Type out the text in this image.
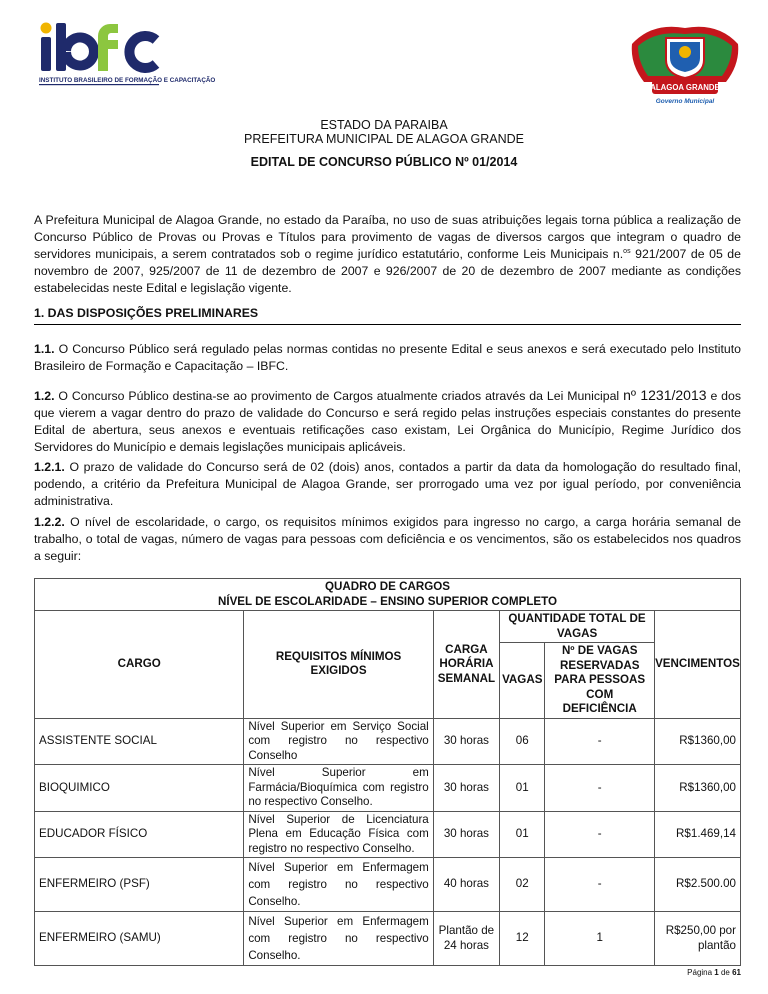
INSTITUTO BRASILEIRO DE FORMAÇÃO E CAPACITAÇÃO
ALAGOA GRANDE
Governo Municipal
ESTADO DA PARAIBA
PREFEITURA MUNICIPAL DE ALAGOA GRANDE
EDITAL DE CONCURSO PÚBLICO Nº 01/2014
A Prefeitura Municipal de Alagoa Grande, no estado da Paraíba, no uso de suas atribuições legais torna pública a realização de Concurso Público de Provas ou Provas e Títulos para provimento de vagas de diversos cargos que integram o quadro de servidores municipais, a serem contratados sob o regime jurídico estatutário, conforme Leis Municipais n.$^{os}$ 921/2007 de 05 de novembro de 2007, 925/2007 de 11 de dezembro de 2007 e 926/2007 de 20 de dezembro de 2007 mediante as condições estabelecidas neste Edital e legislação vigente.
1. DAS DISPOSIÇÕES PRELIMINARES
1.1. O Concurso Público será regulado pelas normas contidas no presente Edital e seus anexos e será executado pelo Instituto Brasileiro de Formação e Capacitação – IBFC.
1.2. O Concurso Público destina-se ao provimento de Cargos atualmente criados através da Lei Municipal nº 1231/2013 e dos que vierem a vagar dentro do prazo de validade do Concurso e será regido pelas instruções especiais constantes do presente Edital de abertura, seus anexos e eventuais retificações caso existam, Lei Orgânica do Município, Regime Jurídico dos Servidores do Município e demais legislações municipais aplicáveis.
1.2.1. O prazo de validade do Concurso será de 02 (dois) anos, contados a partir da data da homologação do resultado final, podendo, a critério da Prefeitura Municipal de Alagoa Grande, ser prorrogado uma vez por igual período, por conveniência administrativa.
1.2.2. O nível de escolaridade, o cargo, os requisitos mínimos exigidos para ingresso no cargo, a carga horária semanal de trabalho, o total de vagas, número de vagas para pessoas com deficiência e os vencimentos, são os estabelecidos nos quadros a seguir:
QUADRO DE CARGOS
NÍVEL DE ESCOLARIDADE – ENSINO SUPERIOR COMPLETO					

CARGO	REQUISITOS MÍNIMOS EXIGIDOS	CARGA HORÁRIA SEMANAL	QUANTIDADE TOTAL DE VAGAS		VENCIMENTOS
			VAGAS	Nº DE VAGAS RESERVADAS PARA PESSOAS COM DEFICIÊNCIA	
ASSISTENTE SOCIAL	Nível Superior em Serviço Social com registro no respectivo Conselho	30 horas	06	-	R$1360,00
BIOQUIMICO	Nível Superior em Farmácia/Bioquímica com registro no respectivo Conselho.	30 horas	01	-	R$1360,00
EDUCADOR FÍSICO	Nível Superior de Licenciatura Plena em Educação Física com registro no respectivo Conselho.	30 horas	01	-	R$1.469,14
ENFERMEIRO (PSF)	Nível Superior em Enfermagem com registro no respectivo Conselho.	40 horas	02	-	R$2.500.00
ENFERMEIRO (SAMU)	Nível Superior em Enfermagem com registro no respectivo Conselho.	Plantão de 24 horas	12	1	R$250,00 por plantão
Página 1 de 61
